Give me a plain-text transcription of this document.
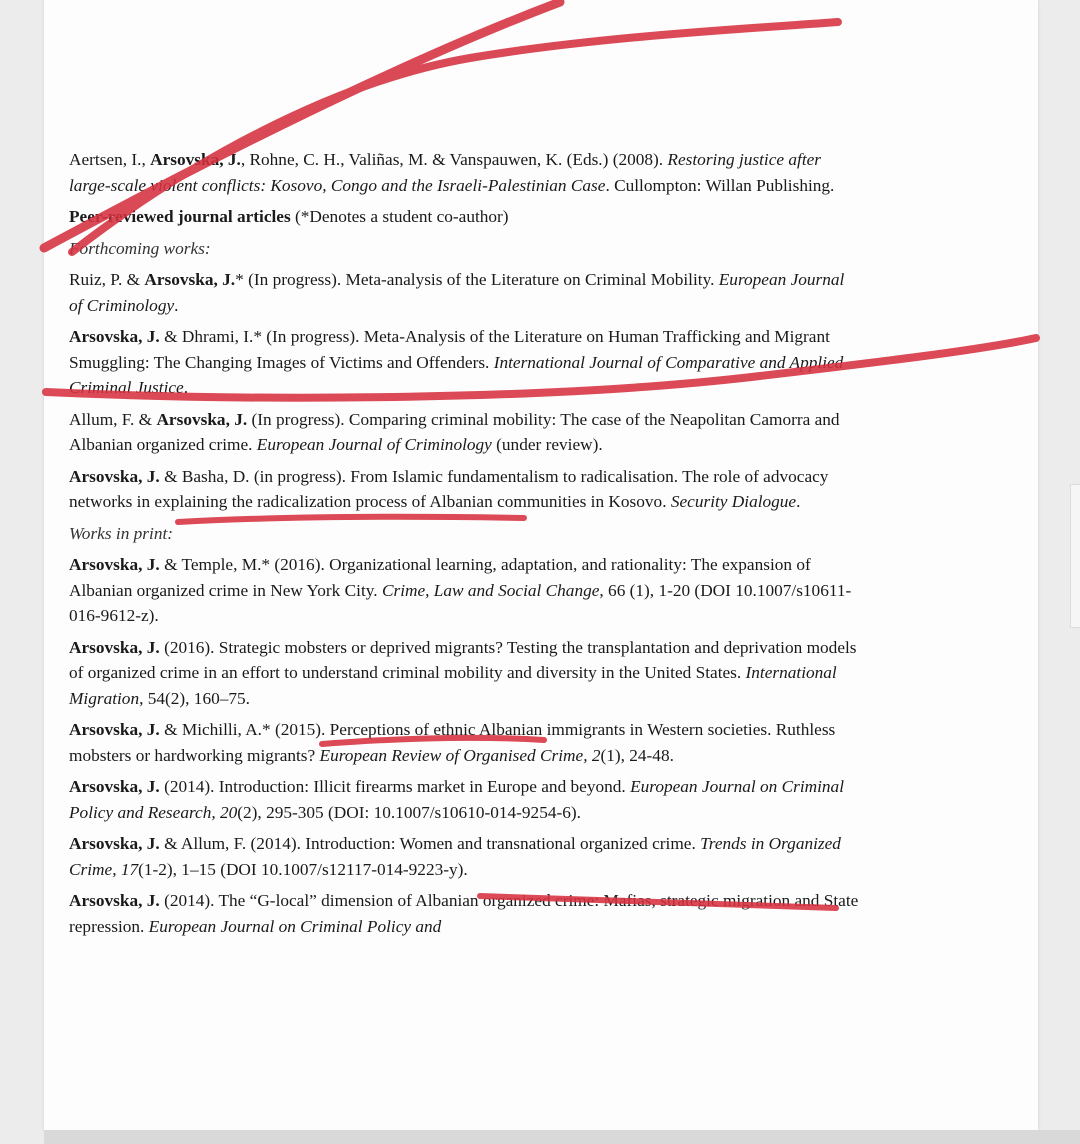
Aertsen, I., Arsovska, J., Rohne, C. H., Valiñas, M. & Vanspauwen, K. (Eds.) (2008). Restoring justice after large-scale violent conflicts: Kosovo, Congo and the Israeli-Palestinian Case. Cullompton: Willan Publishing.

Peer-reviewed journal articles (*Denotes a student co-author)

Forthcoming works:

Ruiz, P. & Arsovska, J.* (In progress). Meta-analysis of the Literature on Criminal Mobility. European Journal of Criminology.

Arsovska, J. & Dhrami, I.* (In progress). Meta-Analysis of the Literature on Human Trafficking and Migrant Smuggling: The Changing Images of Victims and Offenders. International Journal of Comparative and Applied Criminal Justice.

Allum, F. & Arsovska, J. (In progress). Comparing criminal mobility: The case of the Neapolitan Camorra and Albanian organized crime. European Journal of Criminology (under review).

Arsovska, J. & Basha, D. (in progress). From Islamic fundamentalism to radicalisation. The role of advocacy networks in explaining the radicalization process of Albanian communities in Kosovo. Security Dialogue.

Works in print:

Arsovska, J. & Temple, M.* (2016). Organizational learning, adaptation, and rationality: The expansion of Albanian organized crime in New York City. Crime, Law and Social Change, 66 (1), 1-20 (DOI 10.1007/s10611-016-9612-z).

Arsovska, J. (2016). Strategic mobsters or deprived migrants? Testing the transplantation and deprivation models of organized crime in an effort to understand criminal mobility and diversity in the United States. International Migration, 54(2), 160–75.

Arsovska, J. & Michilli, A.* (2015). Perceptions of ethnic Albanian immigrants in Western societies. Ruthless mobsters or hardworking migrants? European Review of Organised Crime, 2(1), 24-48.

Arsovska, J. (2014). Introduction: Illicit firearms market in Europe and beyond. European Journal on Criminal Policy and Research, 20(2), 295-305 (DOI: 10.1007/s10610-014-9254-6).

Arsovska, J. & Allum, F. (2014). Introduction: Women and transnational organized crime. Trends in Organized Crime, 17(1-2), 1–15 (DOI 10.1007/s12117-014-9223-y).

Arsovska, J. (2014). The “G-local” dimension of Albanian organized crime: Mafias, strategic migration and State repression. European Journal on Criminal Policy and
